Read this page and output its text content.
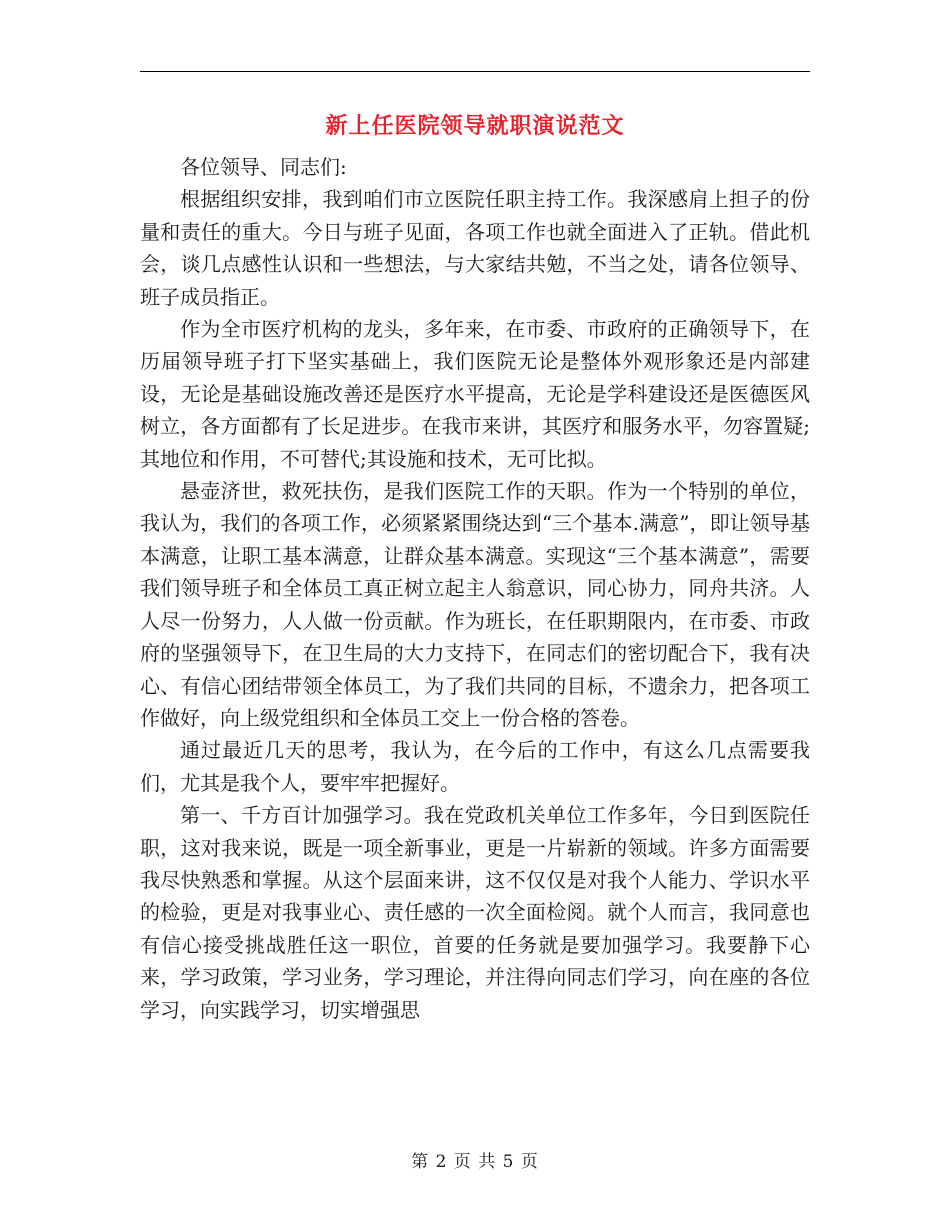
新上任医院领导就职演说范文

各位领导、同志们:

根据组织安排，我到咱们市立医院任职主持工作。我深感肩上担子的份量和责任的重大。今日与班子见面，各项工作也就全面进入了正轨。借此机会，谈几点感性认识和一些想法，与大家结共勉，不当之处，请各位领导、班子成员指正。

作为全市医疗机构的龙头，多年来，在市委、市政府的正确领导下，在历届领导班子打下坚实基础上，我们医院无论是整体外观形象还是内部建设，无论是基础设施改善还是医疗水平提高，无论是学科建设还是医德医风树立，各方面都有了长足进步。在我市来讲，其医疗和服务水平，勿容置疑;其地位和作用，不可替代;其设施和技术，无可比拟。

悬壶济世，救死扶伤，是我们医院工作的天职。作为一个特别的单位，我认为，我们的各项工作，必须紧紧围绕达到“三个基本.满意”，即让领导基本满意，让职工基本满意，让群众基本满意。实现这“三个基本满意”，需要我们领导班子和全体员工真正树立起主人翁意识，同心协力，同舟共济。人人尽一份努力，人人做一份贡献。作为班长，在任职期限内，在市委、市政府的坚强领导下，在卫生局的大力支持下，在同志们的密切配合下，我有决心、有信心团结带领全体员工，为了我们共同的目标，不遗余力，把各项工作做好，向上级党组织和全体员工交上一份合格的答卷。

通过最近几天的思考，我认为，在今后的工作中，有这么几点需要我们，尤其是我个人，要牢牢把握好。

第一、千方百计加强学习。我在党政机关单位工作多年，今日到医院任职，这对我来说，既是一项全新事业，更是一片崭新的领域。许多方面需要我尽快熟悉和掌握。从这个层面来讲，这不仅仅是对我个人能力、学识水平的检验，更是对我事业心、责任感的一次全面检阅。就个人而言，我同意也有信心接受挑战胜任这一职位，首要的任务就是要加强学习。我要静下心来，学习政策，学习业务，学习理论，并注得向同志们学习，向在座的各位学习，向实践学习，切实增强思

第 2 页 共 5 页
